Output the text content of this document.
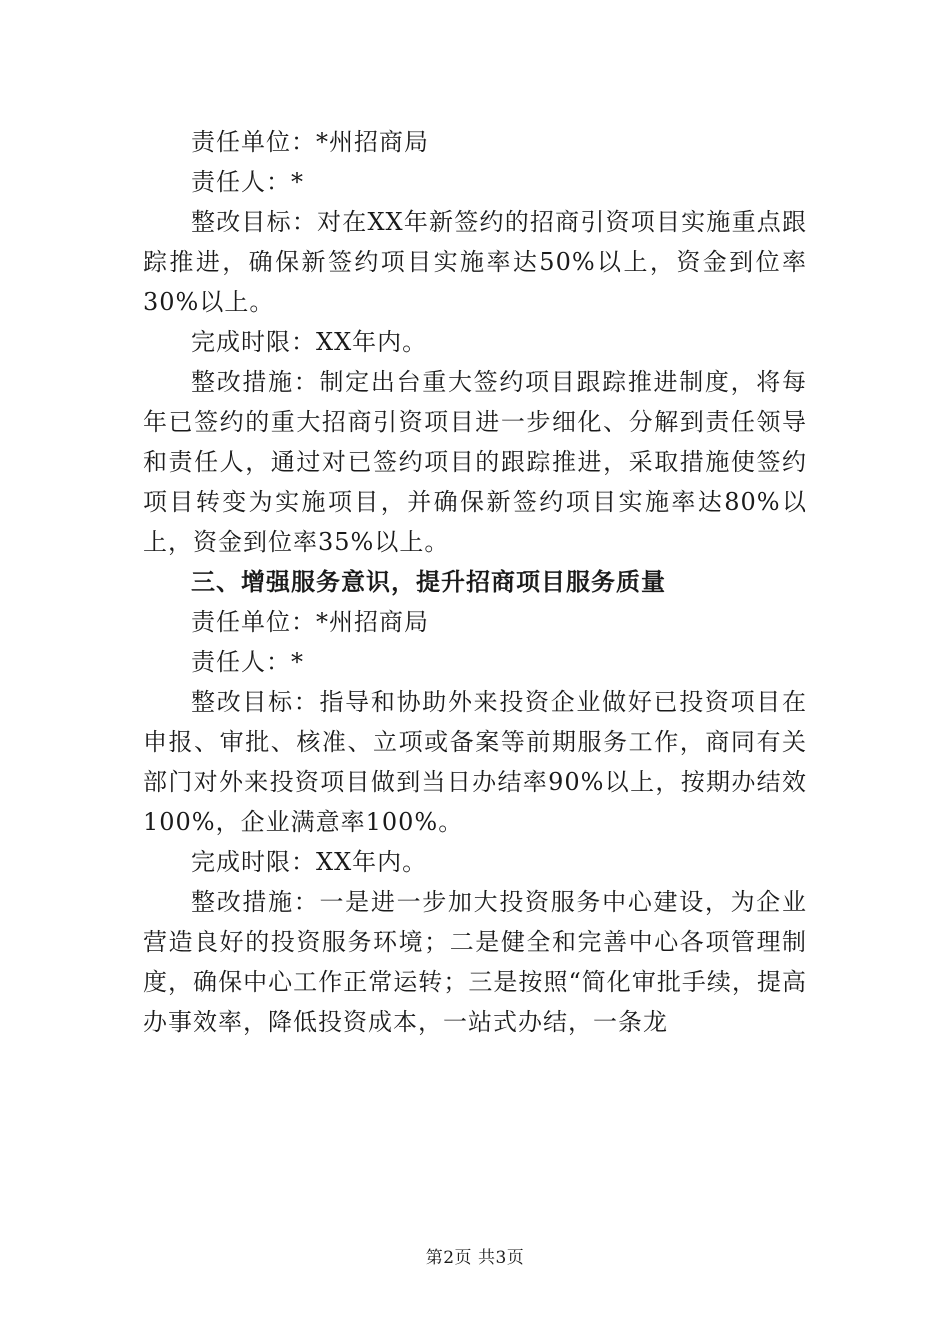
责任单位：*州招商局

责任人：*

整改目标：对在XX年新签约的招商引资项目实施重点跟踪推进，确保新签约项目实施率达50%以上，资金到位率30%以上。

完成时限：XX年内。

整改措施：制定出台重大签约项目跟踪推进制度，将每年已签约的重大招商引资项目进一步细化、分解到责任领导和责任人，通过对已签约项目的跟踪推进，采取措施使签约项目转变为实施项目，并确保新签约项目实施率达80%以上，资金到位率35%以上。

三、增强服务意识，提升招商项目服务质量

责任单位：*州招商局

责任人：*

整改目标：指导和协助外来投资企业做好已投资项目在申报、审批、核准、立项或备案等前期服务工作，商同有关部门对外来投资项目做到当日办结率90%以上，按期办结效100%，企业满意率100%。

完成时限：XX年内。

整改措施：一是进一步加大投资服务中心建设，为企业营造良好的投资服务环境；二是健全和完善中心各项管理制度，确保中心工作正常运转；三是按照“简化审批手续，提高办事效率，降低投资成本，一站式办结，一条龙

第2页 共3页
